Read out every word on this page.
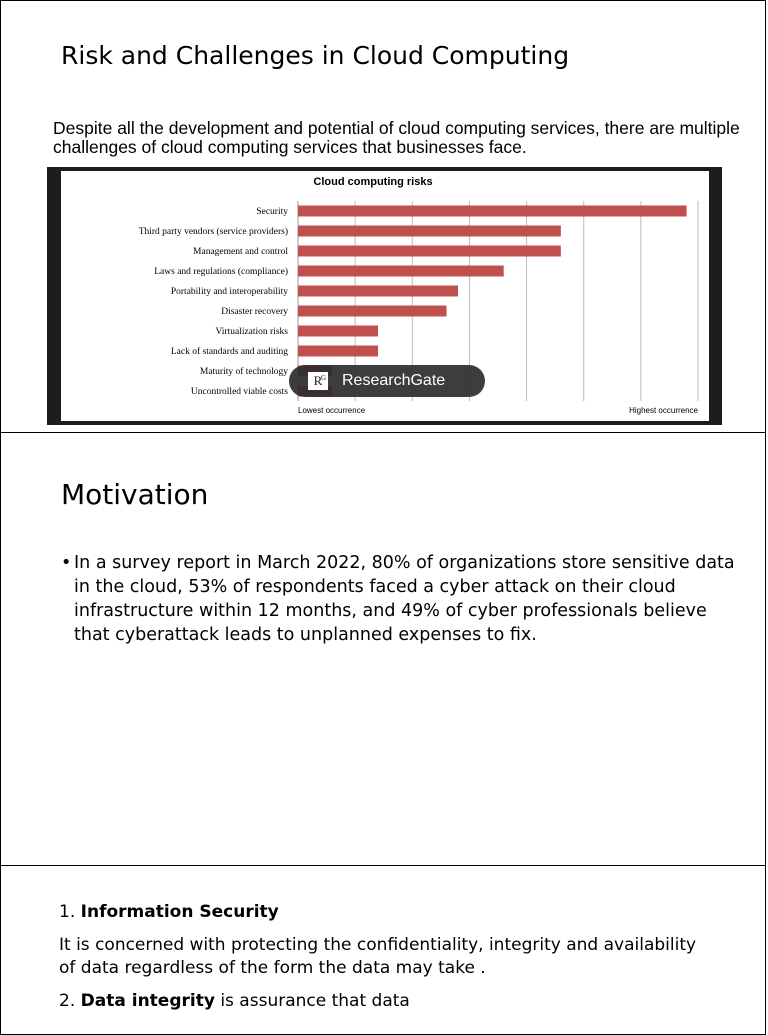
Risk and Challenges in Cloud Computing
Despite all the development and potential of cloud computing services, there are multiple challenges of cloud computing services that businesses face.
Cloud computing risks
Security
Third party vendors (service providers)
Management and control
Laws and regulations (compliance)
Portability and interoperability
Disaster recovery
Virtualization risks
Lack of standards and auditing
Maturity of technology
Uncontrolled viable costs
Lowest occurrence	Highest occurrence
R
G ResearchGate
Motivation
• In a survey report in March 2022, 80% of organizations store sensitive data in the cloud, 53% of respondents faced a cyber attack on their cloud infrastructure within 12 months, and 49% of cyber professionals believe that cyberattack leads to unplanned expenses to fix.
1. Information Security
It is concerned with protecting the confidentiality, integrity and availability of data regardless of the form the data may take .
2. Data integrity is assurance that data
